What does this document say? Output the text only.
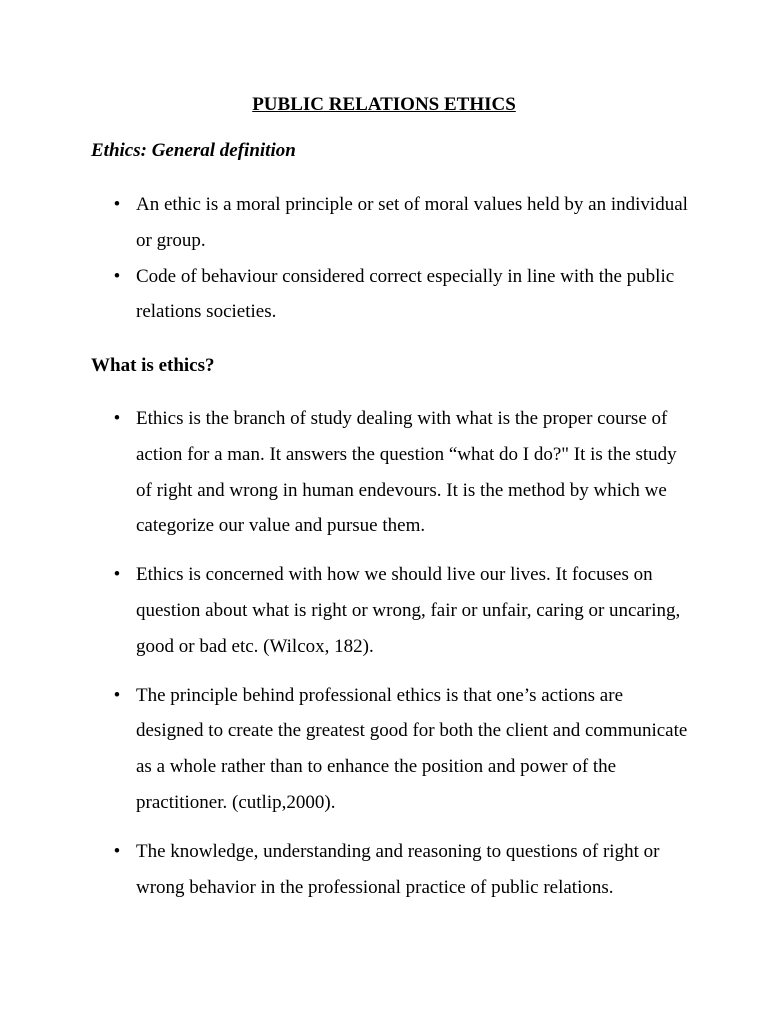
PUBLIC RELATIONS ETHICS
Ethics: General definition
• An ethic is a moral principle or set of moral values held by an individual or group.
• Code of behaviour considered correct especially in line with the public relations societies.
What is ethics?
• Ethics is the branch of study dealing with what is the proper course of action for a man. It answers the question “what do I do?" It is the study of right and wrong in human endevours. It is the method by which we categorize our value and pursue them.
• Ethics is concerned with how we should live our lives. It focuses on question about what is right or wrong, fair or unfair, caring or uncaring, good or bad etc. (Wilcox, 182).
• The principle behind professional ethics is that one’s actions are designed to create the greatest good for both the client and communicate as a whole rather than to enhance the position and power of the practitioner. (cutlip,2000).
• The knowledge, understanding and reasoning to questions of right or wrong behavior in the professional practice of public relations.
